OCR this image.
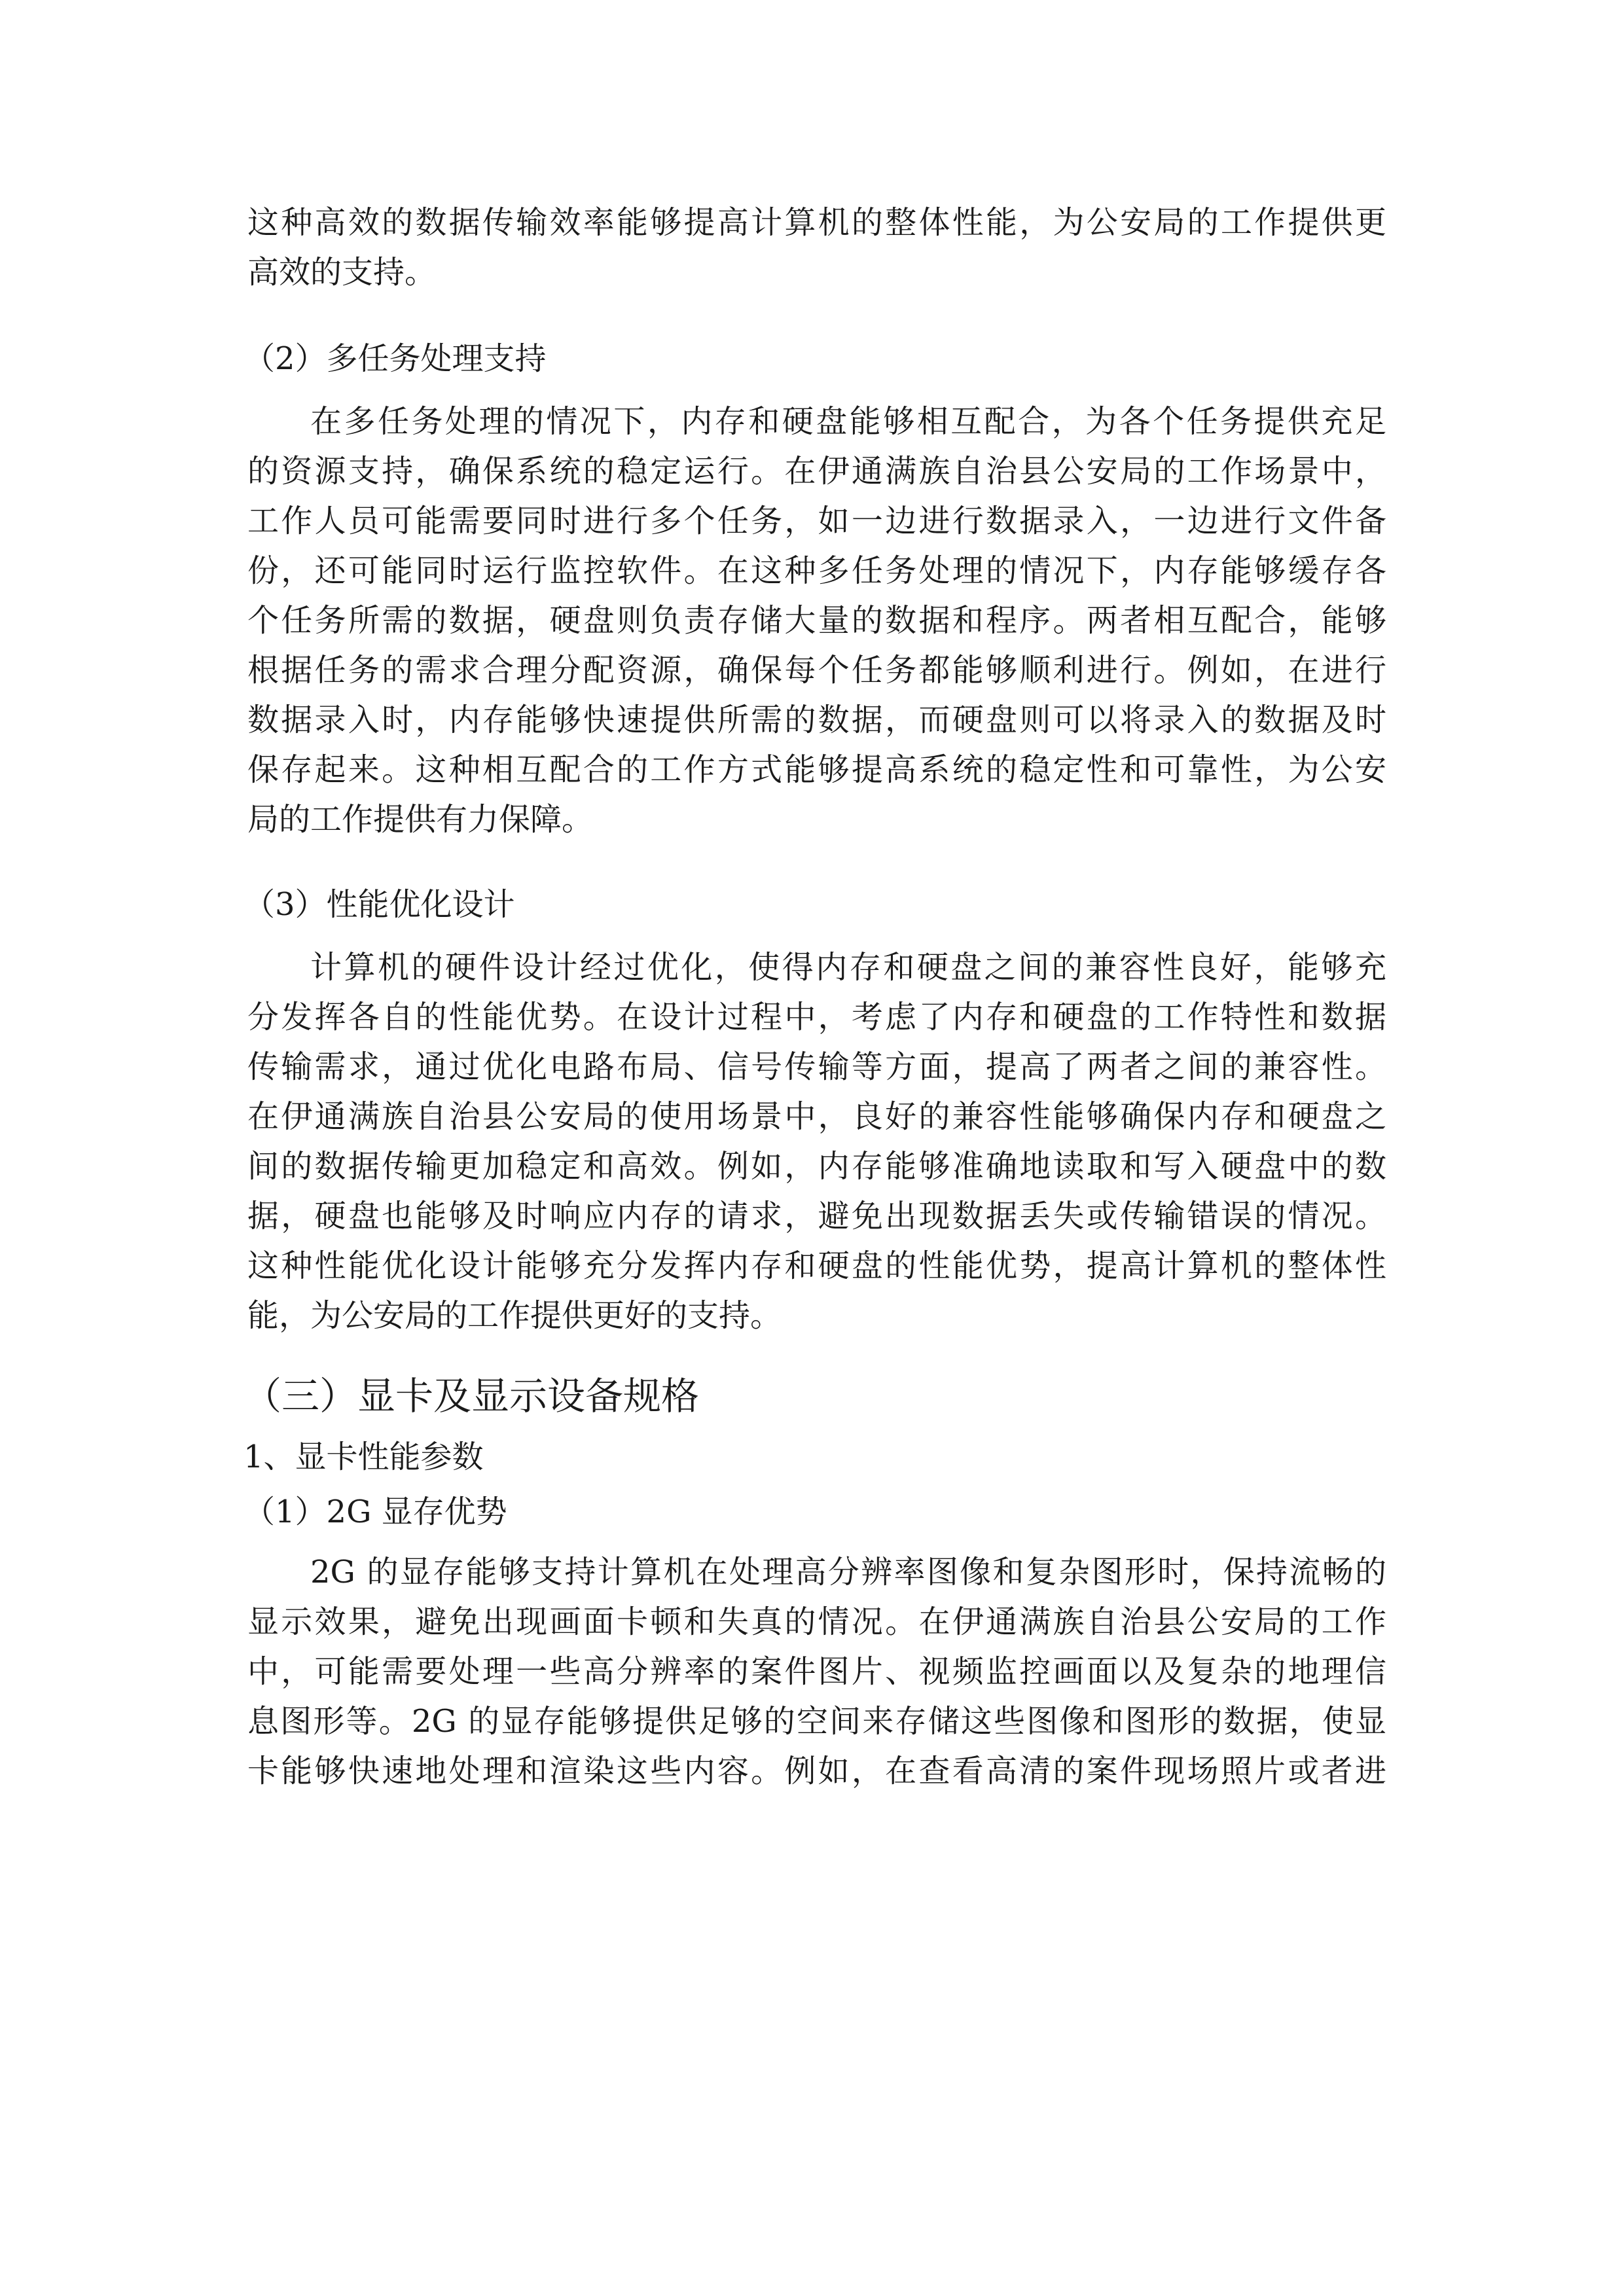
这种高效的数据传输效率能够提高计算机的整体性能，为公安局的工作提供更
高效的支持。
（2）多任务处理支持
在多任务处理的情况下，内存和硬盘能够相互配合，为各个任务提供充足
的资源支持，确保系统的稳定运行。在伊通满族自治县公安局的工作场景中，
工作人员可能需要同时进行多个任务，如一边进行数据录入，一边进行文件备
份，还可能同时运行监控软件。在这种多任务处理的情况下，内存能够缓存各
个任务所需的数据，硬盘则负责存储大量的数据和程序。两者相互配合，能够
根据任务的需求合理分配资源，确保每个任务都能够顺利进行。例如，在进行
数据录入时，内存能够快速提供所需的数据，而硬盘则可以将录入的数据及时
保存起来。这种相互配合的工作方式能够提高系统的稳定性和可靠性，为公安
局的工作提供有力保障。
（3）性能优化设计
计算机的硬件设计经过优化，使得内存和硬盘之间的兼容性良好，能够充
分发挥各自的性能优势。在设计过程中，考虑了内存和硬盘的工作特性和数据
传输需求，通过优化电路布局、信号传输等方面，提高了两者之间的兼容性。
在伊通满族自治县公安局的使用场景中，良好的兼容性能够确保内存和硬盘之
间的数据传输更加稳定和高效。例如，内存能够准确地读取和写入硬盘中的数
据，硬盘也能够及时响应内存的请求，避免出现数据丢失或传输错误的情况。
这种性能优化设计能够充分发挥内存和硬盘的性能优势，提高计算机的整体性
能，为公安局的工作提供更好的支持。
（三）显卡及显示设备规格
1、显卡性能参数
（1）2G 显存优势
2G 的显存能够支持计算机在处理高分辨率图像和复杂图形时，保持流畅的
显示效果，避免出现画面卡顿和失真的情况。在伊通满族自治县公安局的工作
中，可能需要处理一些高分辨率的案件图片、视频监控画面以及复杂的地理信
息图形等。2G 的显存能够提供足够的空间来存储这些图像和图形的数据，使显
卡能够快速地处理和渲染这些内容。例如，在查看高清的案件现场照片或者进
